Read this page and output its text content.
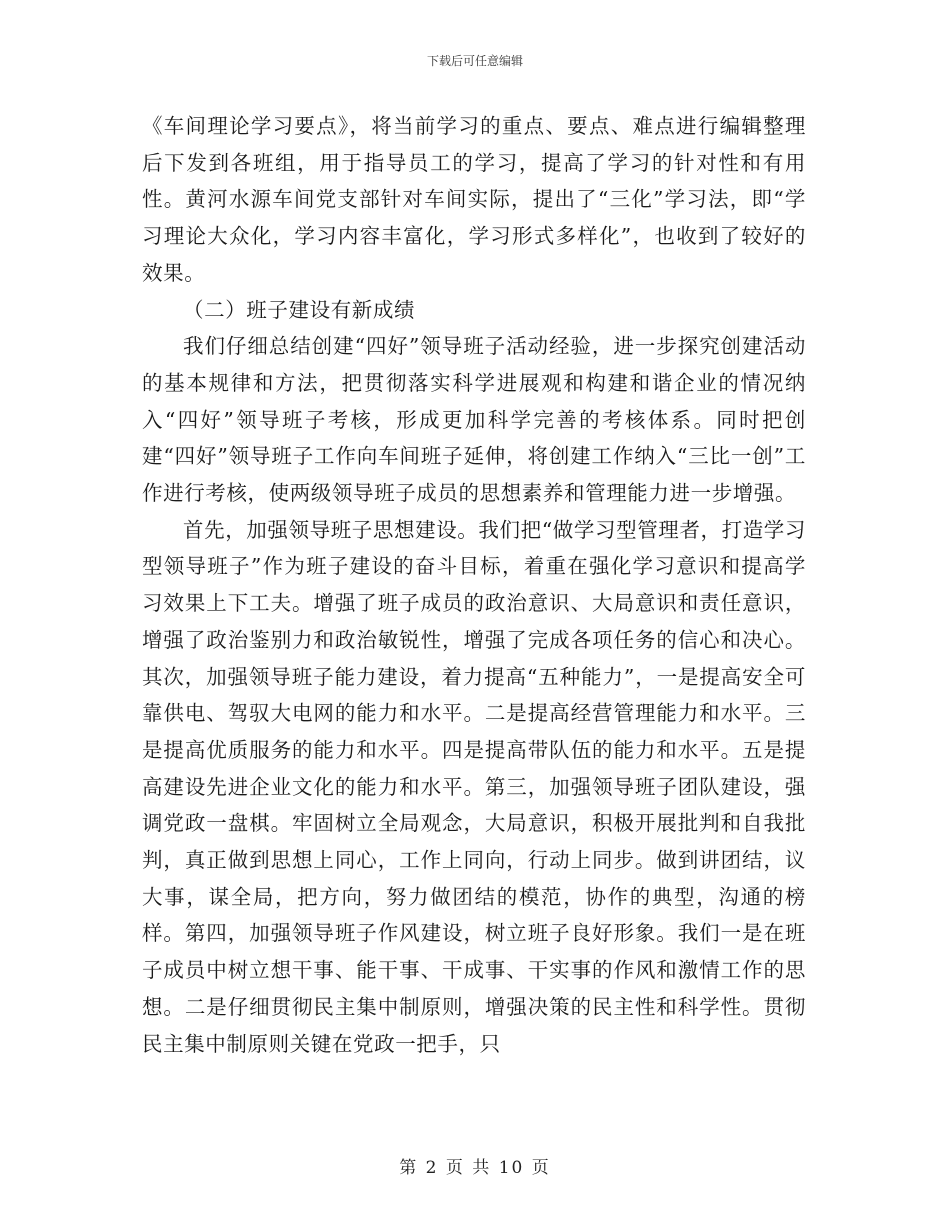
下载后可任意编辑

《车间理论学习要点》，将当前学习的重点、要点、难点进行编辑整理后下发到各班组，用于指导员工的学习，提高了学习的针对性和有用性。黄河水源车间党支部针对车间实际，提出了“三化”学习法，即“学习理论大众化，学习内容丰富化，学习形式多样化”，也收到了较好的效果。

（二）班子建设有新成绩

我们仔细总结创建“四好”领导班子活动经验，进一步探究创建活动的基本规律和方法，把贯彻落实科学进展观和构建和谐企业的情况纳入“四好”领导班子考核，形成更加科学完善的考核体系。同时把创建“四好”领导班子工作向车间班子延伸，将创建工作纳入“三比一创”工作进行考核，使两级领导班子成员的思想素养和管理能力进一步增强。

首先，加强领导班子思想建设。我们把“做学习型管理者，打造学习型领导班子”作为班子建设的奋斗目标，着重在强化学习意识和提高学习效果上下工夫。增强了班子成员的政治意识、大局意识和责任意识，增强了政治鉴别力和政治敏锐性，增强了完成各项任务的信心和决心。其次，加强领导班子能力建设，着力提高“五种能力”，一是提高安全可靠供电、驾驭大电网的能力和水平。二是提高经营管理能力和水平。三是提高优质服务的能力和水平。四是提高带队伍的能力和水平。五是提高建设先进企业文化的能力和水平。第三，加强领导班子团队建设，强调党政一盘棋。牢固树立全局观念，大局意识，积极开展批判和自我批判，真正做到思想上同心，工作上同向，行动上同步。做到讲团结，议大事，谋全局，把方向，努力做团结的模范，协作的典型，沟通的榜样。第四，加强领导班子作风建设，树立班子良好形象。我们一是在班子成员中树立想干事、能干事、干成事、干实事的作风和激情工作的思想。二是仔细贯彻民主集中制原则，增强决策的民主性和科学性。贯彻民主集中制原则关键在党政一把手，只

第 2 页 共 10 页
